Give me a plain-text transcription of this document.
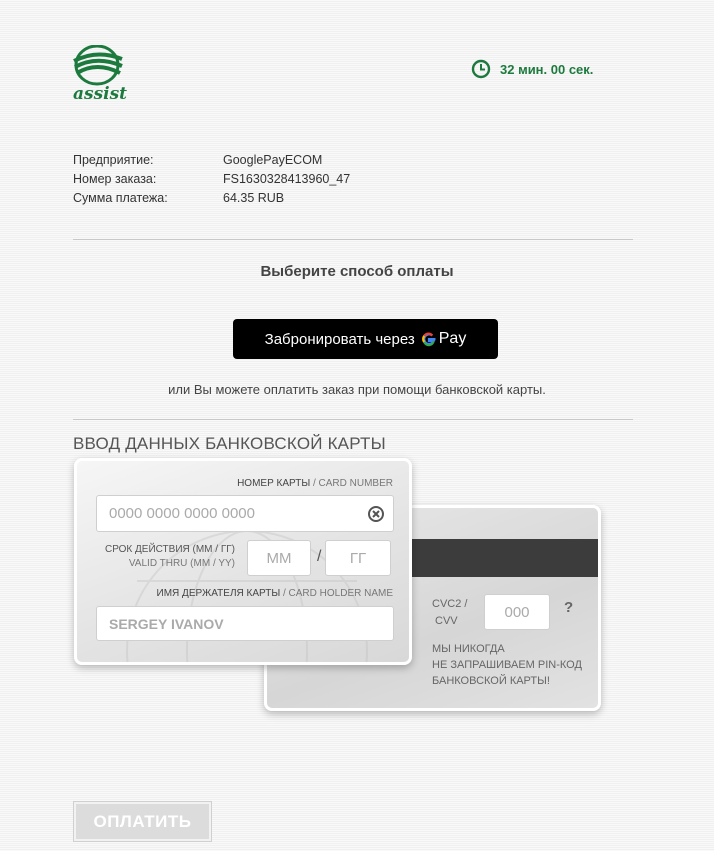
assist
32 мин. 00 сек.
Предприятие:	GooglePayECOM
Номер заказа:	FS1630328413960_47
Сумма платежа:	64.35 RUB
Выберите способ оплаты
Забронировать через Pay
или Вы можете оплатить заказ при помощи банковской карты.
ВВОД ДАННЫХ БАНКОВСКОЙ КАРТЫ
CVC2 /
CVV
000
?
МЫ НИКОГДА
НЕ ЗАПРАШИВАЕМ PIN-КОД
БАНКОВСКОЙ КАРТЫ!
НОМЕР КАРТЫ / CARD NUMBER
0000 0000 0000 0000
СРОК ДЕЙСТВИЯ (ММ / ГГ)
VALID THRU (MM / YY)
ММ	/
ГГ
ИМЯ ДЕРЖАТЕЛЯ КАРТЫ / CARD HOLDER NAME
SERGEY IVANOV
ОПЛАТИТЬ
